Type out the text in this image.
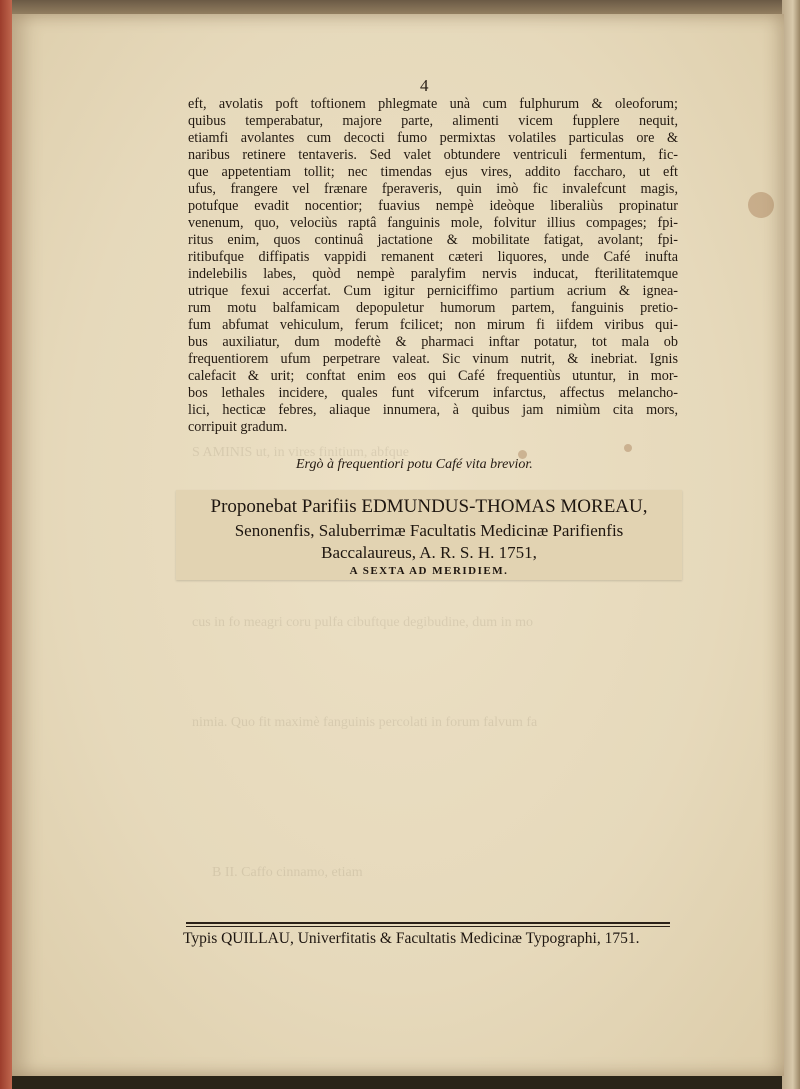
S AMINIS ut, in vires finitium, abfque
cus in fo meagri coru pulfa cibuftque degibudine, dum in mo
nimia. Quo fit maximè fanguinis percolati in forum falvum fa
B II. Caffo cinnamo, etiam
4
eft, avolatis poft toftionem phlegmate unà cum fulphurum & oleoforum;
quibus temperabatur, majore parte, alimenti vicem fupplere nequit,
etiamfi avolantes cum decocti fumo permixtas volatiles particulas ore &
naribus retinere tentaveris. Sed valet obtundere ventriculi fermentum, fic-
que appetentiam tollit; nec timendas ejus vires, addito faccharo, ut eft
ufus, frangere vel frænare fperaveris, quin imò fic invalefcunt magis,
potufque evadit nocentior; fuavius nempè ideòque liberaliùs propinatur
venenum, quo, velociùs raptâ fanguinis mole, folvitur illius compages; fpi-
ritus enim, quos continuâ jactatione & mobilitate fatigat, avolant; fpi-
ritibufque diffipatis vappidi remanent cæteri liquores, unde Café inufta
indelebilis labes, quòd nempè paralyfim nervis inducat, fterilitatemque
utrique fexui accerfat. Cum igitur perniciffimo partium acrium & ignea-
rum motu balfamicam depopuletur humorum partem, fanguinis pretio-
fum abfumat vehiculum, ferum fcilicet; non mirum fi iifdem viribus qui-
bus auxiliatur, dum modeftè & pharmaci inftar potatur, tot mala ob
frequentiorem ufum perpetrare valeat. Sic vinum nutrit, & inebriat. Ignis
calefacit & urit; conftat enim eos qui Café frequentiùs utuntur, in mor-
bos lethales incidere, quales funt vifcerum infarctus, affectus melancho-
lici, hecticæ febres, aliaque innumera, à quibus jam nimiùm cita mors,
corripuit gradum.
Ergò à frequentiori potu Café vita brevior.
Proponebat Parifiis EDMUNDUS-THOMAS MOREAU,
Senonenfis, Saluberrimæ Facultatis Medicinæ Parifienfis
Baccalaureus, A. R. S. H. 1751,
A SEXTA AD MERIDIEM.
Typis QUILLAU, Univerfitatis & Facultatis Medicinæ Typographi, 1751.
